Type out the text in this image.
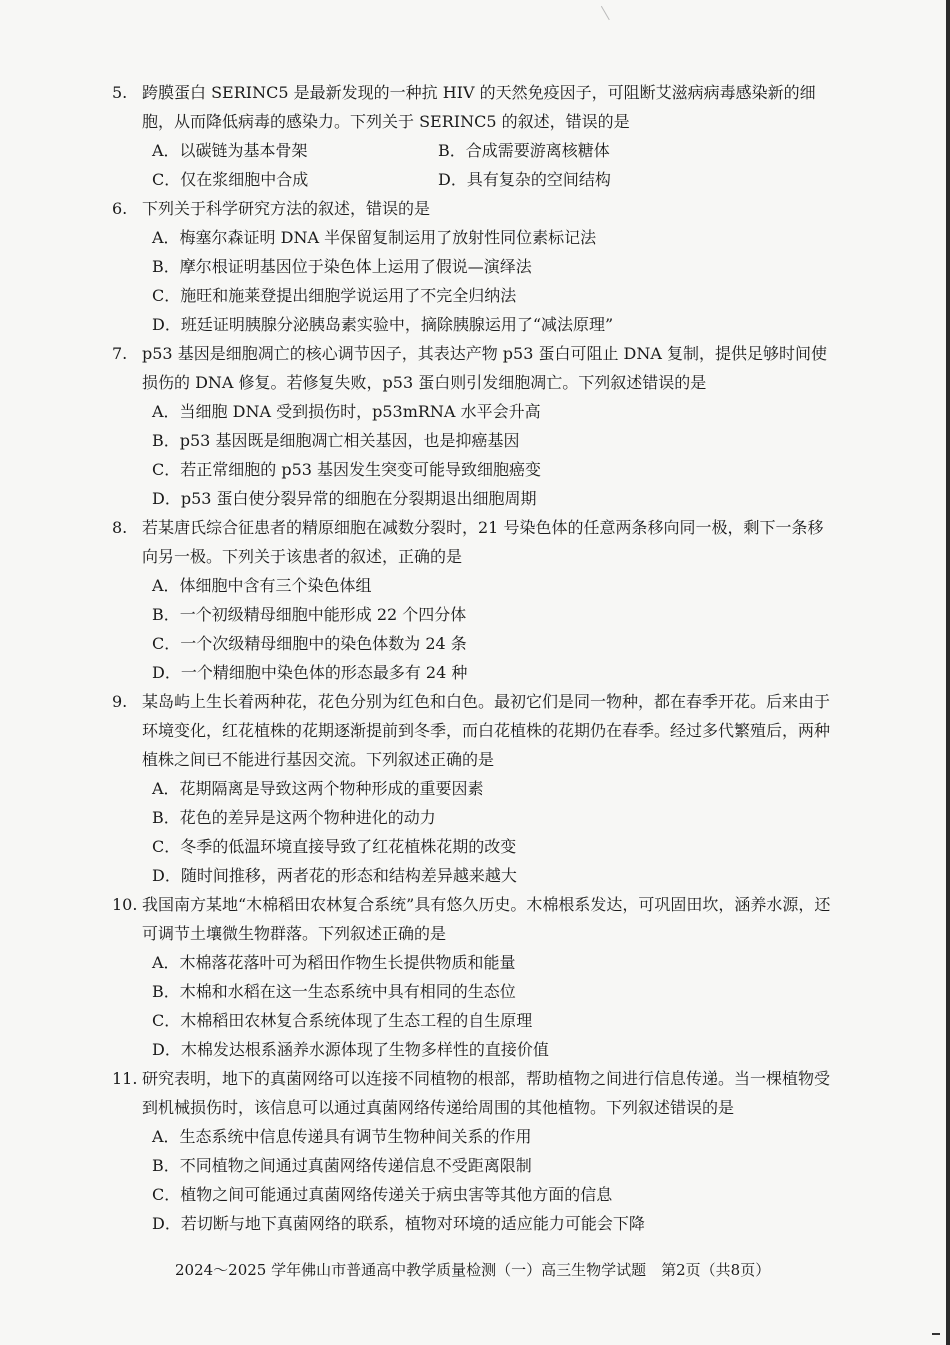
5. 跨膜蛋白 SERINC5 是最新发现的一种抗 HIV 的天然免疫因子，可阻断艾滋病病毒感染新的细胞，从而降低病毒的感染力。下列关于 SERINC5 的叙述，错误的是

A．以碳链为基本骨架	B．合成需要游离核糖体
C．仅在浆细胞中合成	D．具有复杂的空间结构

6. 下列关于科学研究方法的叙述，错误的是

A．梅塞尔森证明 DNA 半保留复制运用了放射性同位素标记法
B．摩尔根证明基因位于染色体上运用了假说—演绎法
C．施旺和施莱登提出细胞学说运用了不完全归纳法
D．班廷证明胰腺分泌胰岛素实验中，摘除胰腺运用了“减法原理”

7. p53 基因是细胞凋亡的核心调节因子，其表达产物 p53 蛋白可阻止 DNA 复制，提供足够时间使损伤的 DNA 修复。若修复失败，p53 蛋白则引发细胞凋亡。下列叙述错误的是

A．当细胞 DNA 受到损伤时，p53mRNA 水平会升高
B．p53 基因既是细胞凋亡相关基因，也是抑癌基因
C．若正常细胞的 p53 基因发生突变可能导致细胞癌变
D．p53 蛋白使分裂异常的细胞在分裂期退出细胞周期

8. 若某唐氏综合征患者的精原细胞在减数分裂时，21 号染色体的任意两条移向同一极，剩下一条移向另一极。下列关于该患者的叙述，正确的是

A．体细胞中含有三个染色体组
B．一个初级精母细胞中能形成 22 个四分体
C．一个次级精母细胞中的染色体数为 24 条
D．一个精细胞中染色体的形态最多有 24 种

9. 某岛屿上生长着两种花，花色分别为红色和白色。最初它们是同一物种，都在春季开花。后来由于环境变化，红花植株的花期逐渐提前到冬季，而白花植株的花期仍在春季。经过多代繁殖后，两种植株之间已不能进行基因交流。下列叙述正确的是

A．花期隔离是导致这两个物种形成的重要因素
B．花色的差异是这两个物种进化的动力
C．冬季的低温环境直接导致了红花植株花期的改变
D．随时间推移，两者花的形态和结构差异越来越大

10. 我国南方某地“木棉稻田农林复合系统”具有悠久历史。木棉根系发达，可巩固田坎，涵养水源，还可调节土壤微生物群落。下列叙述正确的是

A．木棉落花落叶可为稻田作物生长提供物质和能量
B．木棉和水稻在这一生态系统中具有相同的生态位
C．木棉稻田农林复合系统体现了生态工程的自生原理
D．木棉发达根系涵养水源体现了生物多样性的直接价值

11. 研究表明，地下的真菌网络可以连接不同植物的根部，帮助植物之间进行信息传递。当一棵植物受到机械损伤时，该信息可以通过真菌网络传递给周围的其他植物。下列叙述错误的是

A．生态系统中信息传递具有调节生物种间关系的作用
B．不同植物之间通过真菌网络传递信息不受距离限制
C．植物之间可能通过真菌网络传递关于病虫害等其他方面的信息
D．若切断与地下真菌网络的联系，植物对环境的适应能力可能会下降
2024～2025 学年佛山市普通高中教学质量检测（一）高三生物学试题　第2页（共8页）
